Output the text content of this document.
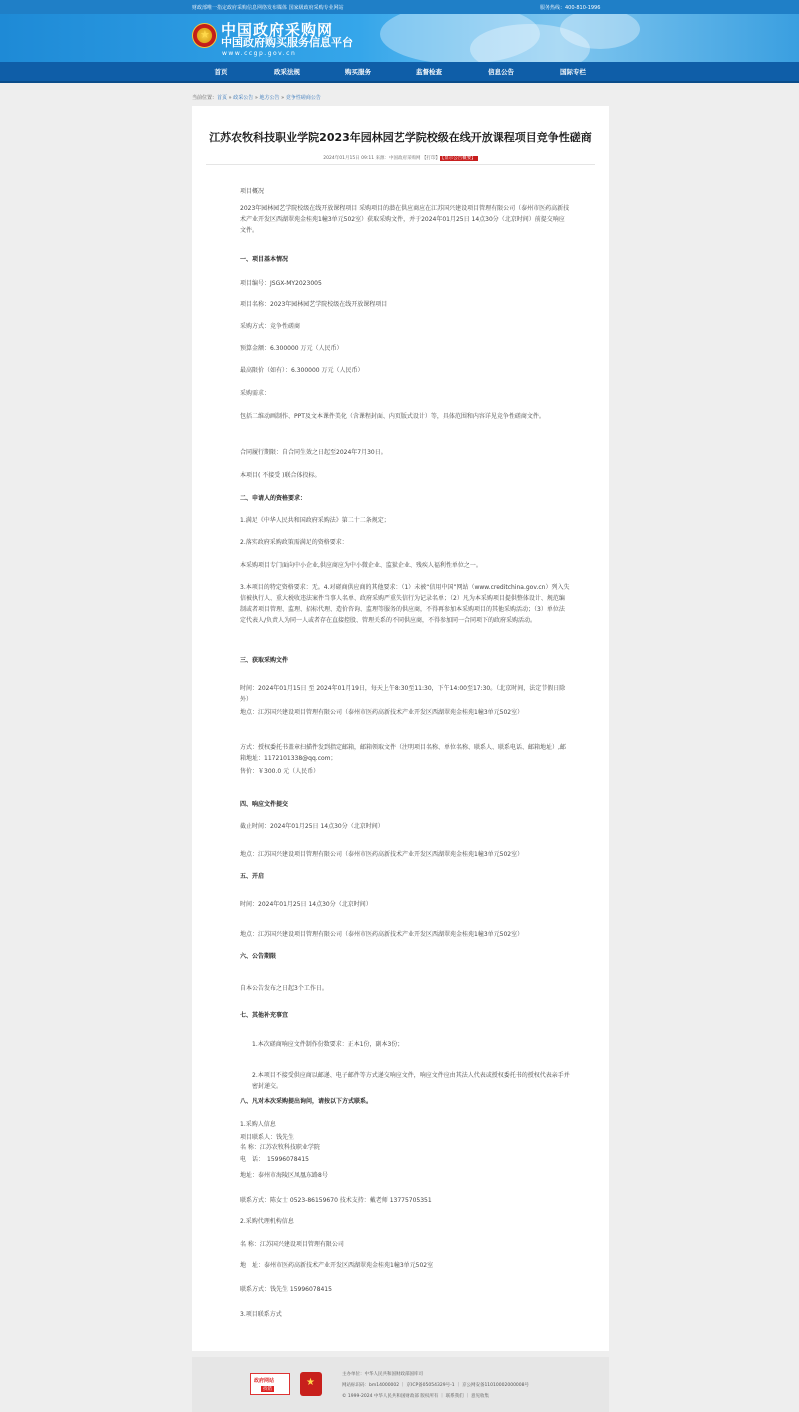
财政部唯一指定政府采购信息网络发布媒体 国家级政府采购专业网站	服务热线：400-810-1996
★ 中国政府采购网
中国政府购买服务信息平台
www.ccgp.gov.cn
首页	政采法规	购买服务	监督检查	信息公告	国际专栏
当前位置：首页 » 政采公告 » 地方公告 » 竞争性磋商公告
江苏农牧科技职业学院2023年园林园艺学院校级在线开放课程项目竞争性磋商
2024年01月15日 09:11 来源：中国政府采购网 【打印】 【显示公告概要】
项目概况
2023年园林园艺学院校级在线开放课程项目 采购项目的潜在供应商应在江苏国兴建设项目管理有限公司（泰州市医药高新技术产业开发区西湖翠苑金桂苑1幢3单元502室）获取采购文件，并于2024年01月25日 14点30分（北京时间）前提交响应文件。
一、项目基本情况
项目编号：JSGX-MY2023005
项目名称：2023年园林园艺学院校级在线开放课程项目
采购方式：竞争性磋商
预算金额：6.300000 万元（人民币）
最高限价（如有）：6.300000 万元（人民币）
采购需求：
包括二维动画制作、PPT及文本课件美化（含课程封面、内页版式设计）等，具体范围和内容详见竞争性磋商文件。
合同履行期限：自合同生效之日起至2024年7月30日。
本项目( 不接受 )联合体投标。
二、申请人的资格要求：
1.满足《中华人民共和国政府采购法》第二十二条规定；
2.落实政府采购政策需满足的资格要求：
本采购项目专门面向中小企业,供应商应为中小微企业、监狱企业、残疾人福利性单位之一。
3.本项目的特定资格要求：无。4.对磋商供应商的其他要求：（1）未被“信用中国”网站（www.creditchina.gov.cn）列入失信被执行人、重大税收违法案件当事人名单、政府采购严重失信行为记录名单；（2）凡为本采购项目提供整体设计、规范编制或者项目管理、监理、招标代理、造价咨询、监理等服务的供应商，不得再参加本采购项目的其他采购活动；（3）单位法定代表人/负责人为同一人或者存在直接控股、管理关系的不同供应商，不得参加同一合同项下的政府采购活动。
三、获取采购文件
时间：2024年01月15日 至 2024年01月19日，每天上午8:30至11:30，下午14:00至17:30。（北京时间，法定节假日除外）
地点：江苏国兴建设项目管理有限公司（泰州市医药高新技术产业开发区西湖翠苑金桂苑1幢3单元502室）
方式：授权委托书盖章扫描件发到指定邮箱，邮箱领取文件（注明项目名称、单位名称、联系人、联系电话、邮箱地址）,邮箱地址：1172101338@qq.com；
售价：￥300.0 元（人民币）
四、响应文件提交
截止时间：2024年01月25日 14点30分（北京时间）
地点：江苏国兴建设项目管理有限公司（泰州市医药高新技术产业开发区西湖翠苑金桂苑1幢3单元502室）
五、开启
时间：2024年01月25日 14点30分（北京时间）
地点：江苏国兴建设项目管理有限公司（泰州市医药高新技术产业开发区西湖翠苑金桂苑1幢3单元502室）
六、公告期限
自本公告发布之日起3个工作日。
七、其他补充事宜
1.本次磋商响应文件制作份数要求：正本1份，副本3份；
2.本项目不接受供应商以邮递、电子邮件等方式递交响应文件，响应文件应由其法人代表或授权委托书的授权代表亲手并密封递交。
八、凡对本次采购提出询问，请按以下方式联系。
1.采购人信息
名 称：江苏农牧科技职业学院
地址：泰州市海陵区凤凰东路8号
联系方式：陈女士 0523-86159670 技术支持：戴老师 13775705351
2.采购代理机构信息
名 称：江苏国兴建设项目管理有限公司
地　址：泰州市医药高新技术产业开发区西湖翠苑金桂苑1幢3单元502室
联系方式：钱先生 15996078415
3.项目联系方式
项目联系人：钱先生
电　话：　15996078415
政府网站
找错
★
主办单位：中华人民共和国财政部国库司
网站标识码：bm14000002 ｜ 京ICP备05054329号-1 ｜ 京公网安备11010002000008号
© 1999-2024 中华人民共和国财政部 版权所有 ｜ 联系我们 ｜ 意见收集
